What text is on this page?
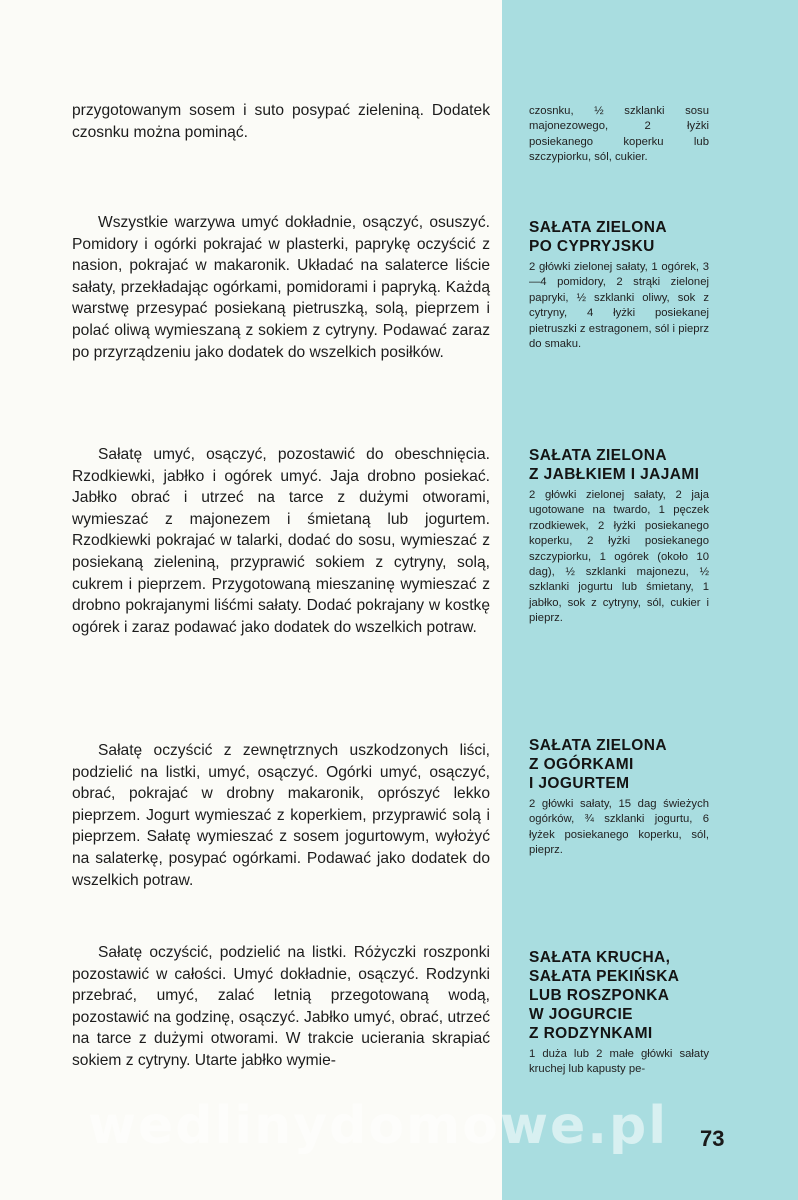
przygotowanym sosem i suto posypać zieleniną. Dodatek czosnku można pominąć.

Wszystkie warzywa umyć dokładnie, osączyć, osuszyć. Pomidory i ogórki pokrajać w plasterki, paprykę oczyścić z nasion, pokrajać w makaronik. Układać na salaterce liście sałaty, przekładając ogórkami, pomidorami i papryką. Każdą warstwę przesypać posiekaną pietruszką, solą, pieprzem i polać oliwą wymieszaną z sokiem z cytryny. Podawać zaraz po przyrządzeniu jako dodatek do wszelkich posiłków.

Sałatę umyć, osączyć, pozostawić do obeschnięcia. Rzodkiewki, jabłko i ogórek umyć. Jaja drobno posiekać. Jabłko obrać i utrzeć na tarce z dużymi otworami, wymieszać z majonezem i śmietaną lub jogurtem. Rzodkiewki pokrajać w talarki, dodać do sosu, wymieszać z posiekaną zieleniną, przyprawić sokiem z cytryny, solą, cukrem i pieprzem. Przygotowaną mieszaninę wymieszać z drobno pokrajanymi liśćmi sałaty. Dodać pokrajany w kostkę ogórek i zaraz podawać jako dodatek do wszelkich potraw.

Sałatę oczyścić z zewnętrznych uszkodzonych liści, podzielić na listki, umyć, osączyć. Ogórki umyć, osączyć, obrać, pokrajać w drobny makaronik, oprószyć lekko pieprzem. Jogurt wymieszać z koperkiem, przyprawić solą i pieprzem. Sałatę wymieszać z sosem jogurtowym, wyłożyć na salaterkę, posypać ogórkami. Podawać jako dodatek do wszelkich potraw.

Sałatę oczyścić, podzielić na listki. Różyczki roszponki pozostawić w całości. Umyć dokładnie, osączyć. Rodzynki przebrać, umyć, zalać letnią przegotowaną wodą, pozostawić na godzinę, osączyć. Jabłko umyć, obrać, utrzeć na tarce z dużymi otworami. W trakcie ucierania skrapiać sokiem z cytryny. Utarte jabłko wymie-

czosnku, ½ szklanki sosu majonezowego, 2 łyżki posiekanego koperku lub szczypiorku, sól, cukier.

SAŁATA ZIELONA
PO CYPRYJSKU

2 główki zielonej sałaty, 1 ogórek, 3—4 pomidory, 2 strąki zielonej papryki, ½ szklanki oliwy, sok z cytryny, 4 łyżki posiekanej pietruszki z estragonem, sól i pieprz do smaku.

SAŁATA ZIELONA
Z JABŁKIEM I JAJAMI

2 główki zielonej sałaty, 2 jaja ugotowane na twardo, 1 pęczek rzodkiewek, 2 łyżki posiekanego koperku, 2 łyżki posiekanego szczypiorku, 1 ogórek (około 10 dag), ½ szklanki majonezu, ½ szklanki jogurtu lub śmietany, 1 jabłko, sok z cytryny, sól, cukier i pieprz.

SAŁATA ZIELONA
Z OGÓRKAMI
I JOGURTEM

2 główki sałaty, 15 dag świeżych ogórków, ¾ szklanki jogurtu, 6 łyżek posiekanego koperku, sól, pieprz.

SAŁATA KRUCHA,
SAŁATA PEKIŃSKA
LUB ROSZPONKA
W JOGURCIE
Z RODZYNKAMI

1 duża lub 2 małe główki sałaty kruchej lub kapusty pe-

wedlinydomowe.pl 73
